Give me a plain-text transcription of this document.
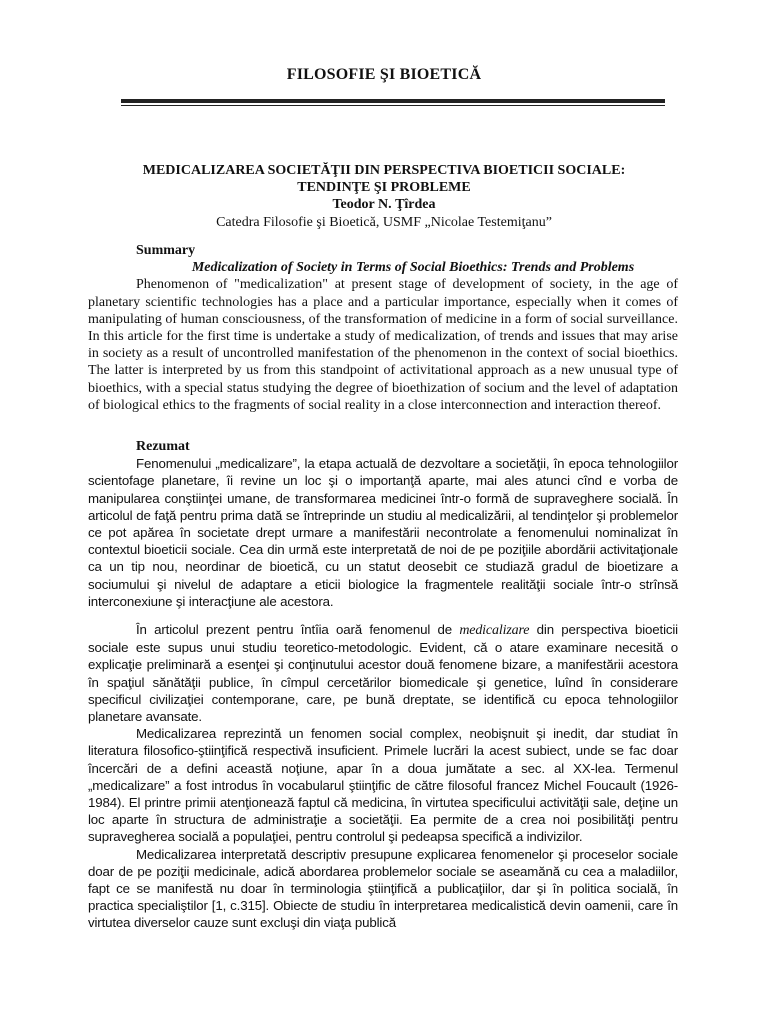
FILOSOFIE ŞI BIOETICĂ
MEDICALIZAREA SOCIETĂŢII DIN PERSPECTIVA BIOETICII SOCIALE:
TENDINŢE ŞI PROBLEME
Teodor N. Ţîrdea
Catedra Filosofie şi Bioetică, USMF „Nicolae Testemiţanu”
Summary
Medicalization of Society in Terms of Social Bioethics: Trends and Problems

Phenomenon of "medicalization" at present stage of development of society, in the age of planetary scientific technologies has a place and a particular importance, especially when it comes of manipulating of human consciousness, of the transformation of medicine in a form of social surveillance. In this article for the first time is undertake a study of medicalization, of trends and issues that may arise in society as a result of uncontrolled manifestation of the phenomenon in the context of social bioethics. The latter is interpreted by us from this standpoint of activitational approach as a new unusual type of bioethics, with a special status studying the degree of bioethization of socium and the level of adaptation of biological ethics to the fragments of social reality in a close interconnection and interaction thereof.

Rezumat

Fenomenului „medicalizare”, la etapa actuală de dezvoltare a societăţii, în epoca tehnologiilor scientofage planetare, îi revine un loc şi o importanţă aparte, mai ales atunci cînd e vorba de manipularea conştiinţei umane, de transformarea medicinei într-o formă de supraveghere socială. În articolul de faţă pentru prima dată se întreprinde un studiu al medicalizării, al tendinţelor şi problemelor ce pot apărea în societate drept urmare a manifestării necontrolate a fenomenului nominalizat în contextul bioeticii sociale. Cea din urmă este interpretată de noi de pe poziţiile abordării activitaţionale ca un tip nou, neordinar de bioetică, cu un statut deosebit ce studiază gradul de bioetizare a sociumului şi nivelul de adaptare a eticii biologice la fragmentele realităţii sociale într-o strînsă interconexiune şi interacţiune ale acestora.

În articolul prezent pentru întîia oară fenomenul de medicalizare din perspectiva bioeticii sociale este supus unui studiu teoretico-metodologic. Evident, că o atare examinare necesită o explicaţie preliminară a esenţei şi conţinutului acestor două fenomene bizare, a manifestării acestora în spaţiul sănătăţii publice, în cîmpul cercetărilor biomedicale şi genetice, luînd în considerare specificul civilizaţiei contemporane, care, pe bună dreptate, se identifică cu epoca tehnologiilor planetare avansate.

Medicalizarea reprezintă un fenomen social complex, neobişnuit şi inedit, dar studiat în literatura filosofico-ştiinţifică respectivă insuficient. Primele lucrări la acest subiect, unde se fac doar încercări de a defini această noţiune, apar în a doua jumătate a sec. al XX-lea. Termenul „medicalizare” a fost introdus în vocabularul ştiinţific de către filosoful francez Michel Foucault (1926-1984). El printre primii atenţionează faptul că medicina, în virtutea specificului activităţii sale, deţine un loc aparte în structura de administraţie a societăţii. Ea permite de a crea noi posibilităţi pentru supravegherea socială a populaţiei, pentru controlul şi pedeapsa specifică a indivizilor.

Medicalizarea interpretată descriptiv presupune explicarea fenomenelor şi proceselor sociale doar de pe poziţii medicinale, adică abordarea problemelor sociale se aseamănă cu cea a maladiilor, fapt ce se manifestă nu doar în terminologia ştiinţifică a publicaţiilor, dar şi în politica socială, în practica specialiştilor [1, c.315]. Obiecte de studiu în interpretarea medicalistică devin oamenii, care în virtutea diverselor cauze sunt excluşi din viaţa publică
